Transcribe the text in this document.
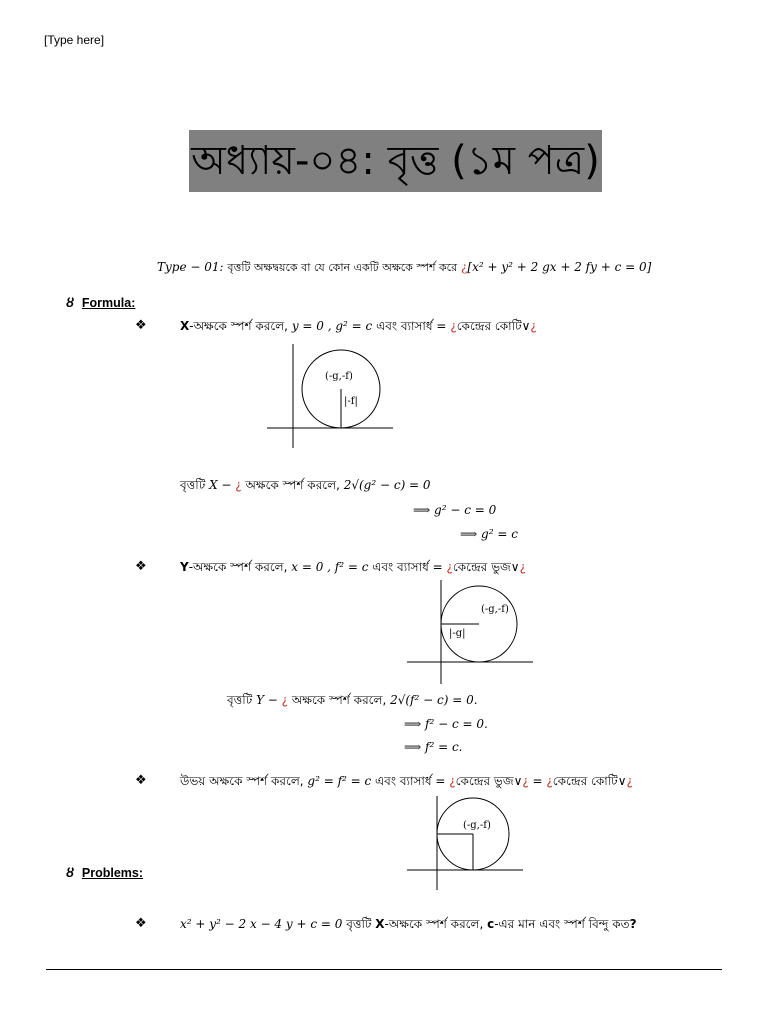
[Type here]
অধ্যায়-০৪: বৃত্ত (১ম পত্র)
Type − 01: বৃত্তটি অক্ষদ্বয়কে বা যে কোন একটি অক্ষকে স্পর্শ করে ¿[x² + y² + 2 gx + 2 fy + c = 0]
ȣ Formula:
❖	X-অক্ষকে স্পর্শ করলে, y = 0 , g² = c এবং ব্যাসার্ধ = ¿কেন্দ্রের কোটি∨¿
(-g,-f)
|-f|
বৃত্তটি X − ¿ অক্ষকে স্পর্শ করলে, 2√(g² − c) = 0
⟹ g² − c = 0
⟹ g² = c
❖	Y-অক্ষকে স্পর্শ করলে, x = 0 , f² = c এবং ব্যাসার্ধ = ¿কেন্দ্রের ভুজ∨¿
(-g,-f)
|-g|
বৃত্তটি Y − ¿ অক্ষকে স্পর্শ করলে, 2√(f² − c) = 0.
⟹ f² − c = 0.
⟹ f² = c.
❖	উভয় অক্ষকে স্পর্শ করলে, g² = f² = c এবং ব্যাসার্ধ = ¿কেন্দ্রের ভুজ∨¿ = ¿কেন্দ্রের কোটি∨¿
(-g,-f)
ȣ Problems:
❖	x² + y² − 2 x − 4 y + c = 0 বৃত্তটি X-অক্ষকে স্পর্শ করলে, c-এর মান এবং স্পর্শ বিন্দু কত?
